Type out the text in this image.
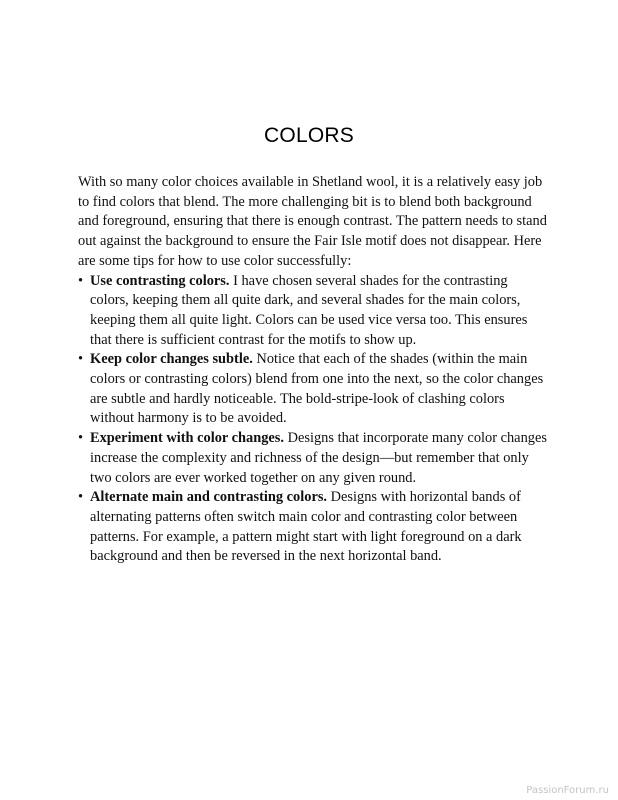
COLORS

With so many color choices available in Shetland wool, it is a relatively easy job to find colors that blend. The more challenging bit is to blend both background and foreground, ensuring that there is enough contrast. The pattern needs to stand out against the background to ensure the Fair Isle motif does not disappear. Here are some tips for how to use color successfully:

• Use contrasting colors. I have chosen several shades for the contrasting colors, keeping them all quite dark, and several shades for the main colors, keeping them all quite light. Colors can be used vice versa too. This ensures that there is sufficient contrast for the motifs to show up.
• Keep color changes subtle. Notice that each of the shades (within the main colors or contrasting colors) blend from one into the next, so the color changes are subtle and hardly noticeable. The bold-stripe-look of clashing colors without harmony is to be avoided.
• Experiment with color changes. Designs that incorporate many color changes increase the complexity and richness of the design—but remember that only two colors are ever worked together on any given round.
• Alternate main and contrasting colors. Designs with horizontal bands of alternating patterns often switch main color and contrasting color between patterns. For example, a pattern might start with light foreground on a dark background and then be reversed in the next horizontal band.
PassionForum.ru
